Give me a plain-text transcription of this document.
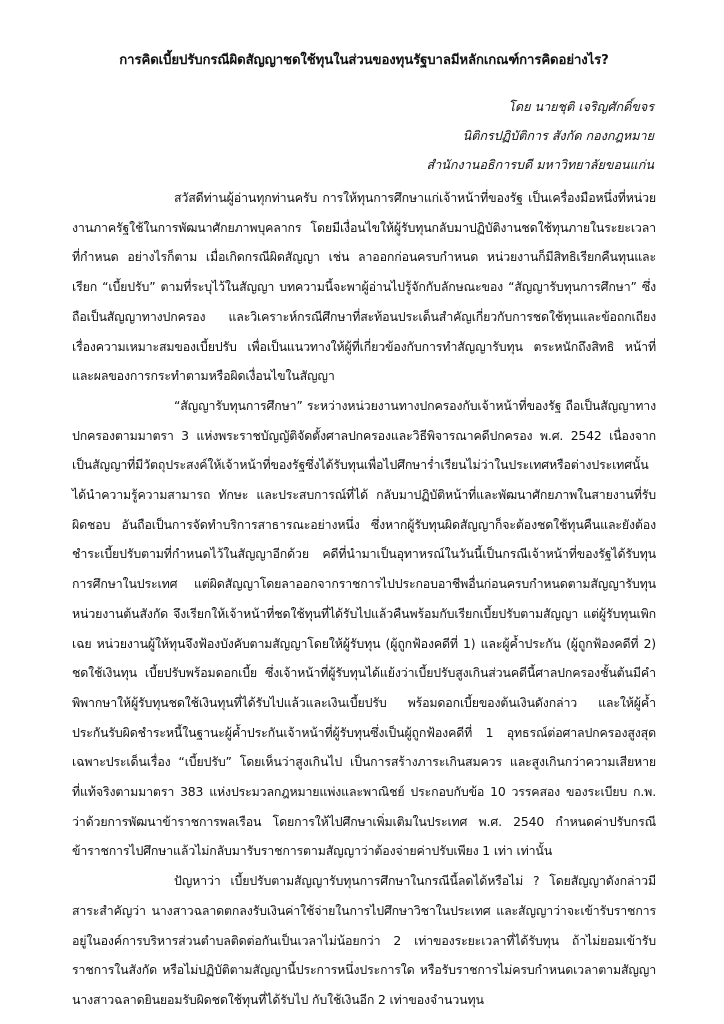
การคิดเบี้ยปรับกรณีผิดสัญญาชดใช้ทุนในส่วนของทุนรัฐบาลมีหลักเกณฑ์การคิดอย่างไร?
โดย นายชุติ เจริญศักดิ์ขจร
นิติกรปฏิบัติการ สังกัด กองกฎหมาย
สำนักงานอธิการบดี มหาวิทยาลัยขอนแก่น

สวัสดีท่านผู้อ่านทุกท่านครับ การให้ทุนการศึกษาแก่เจ้าหน้าที่ของรัฐ เป็นเครื่องมือหนึ่งที่หน่วยงานภาครัฐใช้ในการพัฒนาศักยภาพบุคลากร โดยมีเงื่อนไขให้ผู้รับทุนกลับมาปฏิบัติงานชดใช้ทุนภายในระยะเวลาที่กำหนด อย่างไรก็ตาม เมื่อเกิดกรณีผิดสัญญา เช่น ลาออกก่อนครบกำหนด หน่วยงานก็มีสิทธิเรียกคืนทุนและเรียก “เบี้ยปรับ” ตามที่ระบุไว้ในสัญญา บทความนี้จะพาผู้อ่านไปรู้จักกับลักษณะของ “สัญญารับทุนการศึกษา” ซึ่งถือเป็นสัญญาทางปกครอง และวิเคราะห์กรณีศึกษาที่สะท้อนประเด็นสำคัญเกี่ยวกับการชดใช้ทุนและข้อถกเถียงเรื่องความเหมาะสมของเบี้ยปรับ เพื่อเป็นแนวทางให้ผู้ที่เกี่ยวข้องกับการทำสัญญารับทุน ตระหนักถึงสิทธิ หน้าที่ และผลของการกระทำตามหรือผิดเงื่อนไขในสัญญา

“สัญญารับทุนการศึกษา” ระหว่างหน่วยงานทางปกครองกับเจ้าหน้าที่ของรัฐ ถือเป็นสัญญาทางปกครองตามมาตรา 3 แห่งพระราชบัญญัติจัดตั้งศาลปกครองและวิธีพิจารณาคดีปกครอง พ.ศ. 2542 เนื่องจากเป็นสัญญาที่มีวัตถุประสงค์ให้เจ้าหน้าที่ของรัฐซึ่งได้รับทุนเพื่อไปศึกษาร่ำเรียนไม่ว่าในประเทศหรือต่างประเทศนั้น ได้นำความรู้ความสามารถ ทักษะ และประสบการณ์ที่ได้ กลับมาปฏิบัติหน้าที่และพัฒนาศักยภาพในสายงานที่รับผิดชอบ อันถือเป็นการจัดทำบริการสาธารณะอย่างหนึ่ง ซึ่งหากผู้รับทุนผิดสัญญาก็จะต้องชดใช้ทุนคืนและยังต้องชำระเบี้ยปรับตามที่กำหนดไว้ในสัญญาอีกด้วย คดีที่นำมาเป็นอุทาหรณ์ในวันนี้เป็นกรณีเจ้าหน้าที่ของรัฐได้รับทุนการศึกษาในประเทศ แต่ผิดสัญญาโดยลาออกจากราชการไปประกอบอาชีพอื่นก่อนครบกำหนดตามสัญญารับทุน หน่วยงานต้นสังกัด จึงเรียกให้เจ้าหน้าที่ชดใช้ทุนที่ได้รับไปแล้วคืนพร้อมกับเรียกเบี้ยปรับตามสัญญา แต่ผู้รับทุนเพิกเฉย หน่วยงานผู้ให้ทุนจึงฟ้องบังคับตามสัญญาโดยให้ผู้รับทุน (ผู้ถูกฟ้องคดีที่ 1) และผู้ค้ำประกัน (ผู้ถูกฟ้องคดีที่ 2) ชดใช้เงินทุน เบี้ยปรับพร้อมดอกเบี้ย ซึ่งเจ้าหน้าที่ผู้รับทุนได้แย้งว่าเบี้ยปรับสูงเกินส่วนคดีนี้ศาลปกครองชั้นต้นมีคำพิพากษาให้ผู้รับทุนชดใช้เงินทุนที่ได้รับไปแล้วและเงินเบี้ยปรับ พร้อมดอกเบี้ยของต้นเงินดังกล่าว และให้ผู้ค้ำประกันรับผิดชำระหนี้ในฐานะผู้ค้ำประกันเจ้าหน้าที่ผู้รับทุนซึ่งเป็นผู้ถูกฟ้องคดีที่ 1 อุทธรณ์ต่อศาลปกครองสูงสุดเฉพาะประเด็นเรื่อง “เบี้ยปรับ” โดยเห็นว่าสูงเกินไป เป็นการสร้างภาระเกินสมควร และสูงเกินกว่าความเสียหายที่แท้จริงตามมาตรา 383 แห่งประมวลกฎหมายแพ่งและพาณิชย์ ประกอบกับข้อ 10 วรรคสอง ของระเบียบ ก.พ. ว่าด้วยการพัฒนาข้าราชการพลเรือน โดยการให้ไปศึกษาเพิ่มเติมในประเทศ พ.ศ. 2540 กำหนดค่าปรับกรณีข้าราชการไปศึกษาแล้วไม่กลับมารับราชการตามสัญญาว่าต้องจ่ายค่าปรับเพียง 1 เท่า เท่านั้น

ปัญหาว่า เบี้ยปรับตามสัญญารับทุนการศึกษาในกรณีนี้ลดได้หรือไม่ ? โดยสัญญาดังกล่าวมีสาระสำคัญว่า นางสาวฉลาดตกลงรับเงินค่าใช้จ่ายในการไปศึกษาวิชาในประเทศ และสัญญาว่าจะเข้ารับราชการอยู่ในองค์การบริหารส่วนตำบลติดต่อกันเป็นเวลาไม่น้อยกว่า 2 เท่าของระยะเวลาที่ได้รับทุน ถ้าไม่ยอมเข้ารับราชการในสังกัด หรือไม่ปฏิบัติตามสัญญานี้ประการหนึ่งประการใด หรือรับราชการไม่ครบกำหนดเวลาตามสัญญา นางสาวฉลาดยินยอมรับผิดชดใช้ทุนที่ได้รับไป กับใช้เงินอีก 2 เท่าของจำนวนทุน
